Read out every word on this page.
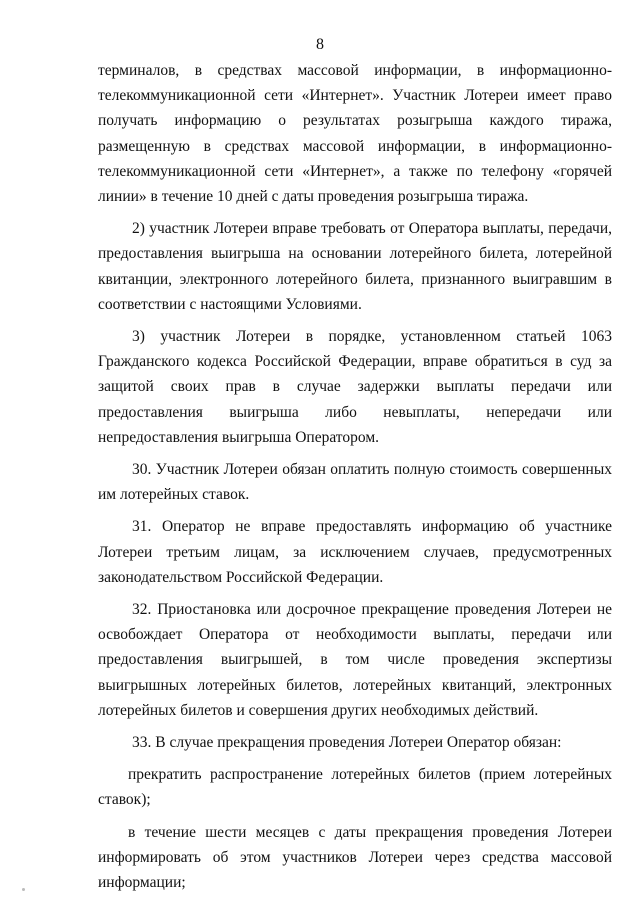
8

терминалов, в средствах массовой информации, в информационно-телекоммуникационной сети «Интернет». Участник Лотереи имеет право получать информацию о результатах розыгрыша каждого тиража, размещенную в средствах массовой информации, в информационно-телекоммуникационной сети «Интернет», а также по телефону «горячей линии» в течение 10 дней с даты проведения розыгрыша тиража.

2) участник Лотереи вправе требовать от Оператора выплаты, передачи, предоставления выигрыша на основании лотерейного билета, лотерейной квитанции, электронного лотерейного билета, признанного выигравшим в соответствии с настоящими Условиями.

3) участник Лотереи в порядке, установленном статьей 1063 Гражданского кодекса Российской Федерации, вправе обратиться в суд за защитой своих прав в случае задержки выплаты передачи или предоставления выигрыша либо невыплаты, непередачи или непредоставления выигрыша Оператором.

30. Участник Лотереи обязан оплатить полную стоимость совершенных им лотерейных ставок.

31. Оператор не вправе предоставлять информацию об участнике Лотереи третьим лицам, за исключением случаев, предусмотренных законодательством Российской Федерации.

32. Приостановка или досрочное прекращение проведения Лотереи не освобождает Оператора от необходимости выплаты, передачи или предоставления выигрышей, в том числе проведения экспертизы выигрышных лотерейных билетов, лотерейных квитанций, электронных лотерейных билетов и совершения других необходимых действий.

33. В случае прекращения проведения Лотереи Оператор обязан:

прекратить распространение лотерейных билетов (прием лотерейных ставок);

в течение шести месяцев с даты прекращения проведения Лотереи информировать об этом участников Лотереи через средства массовой информации;
